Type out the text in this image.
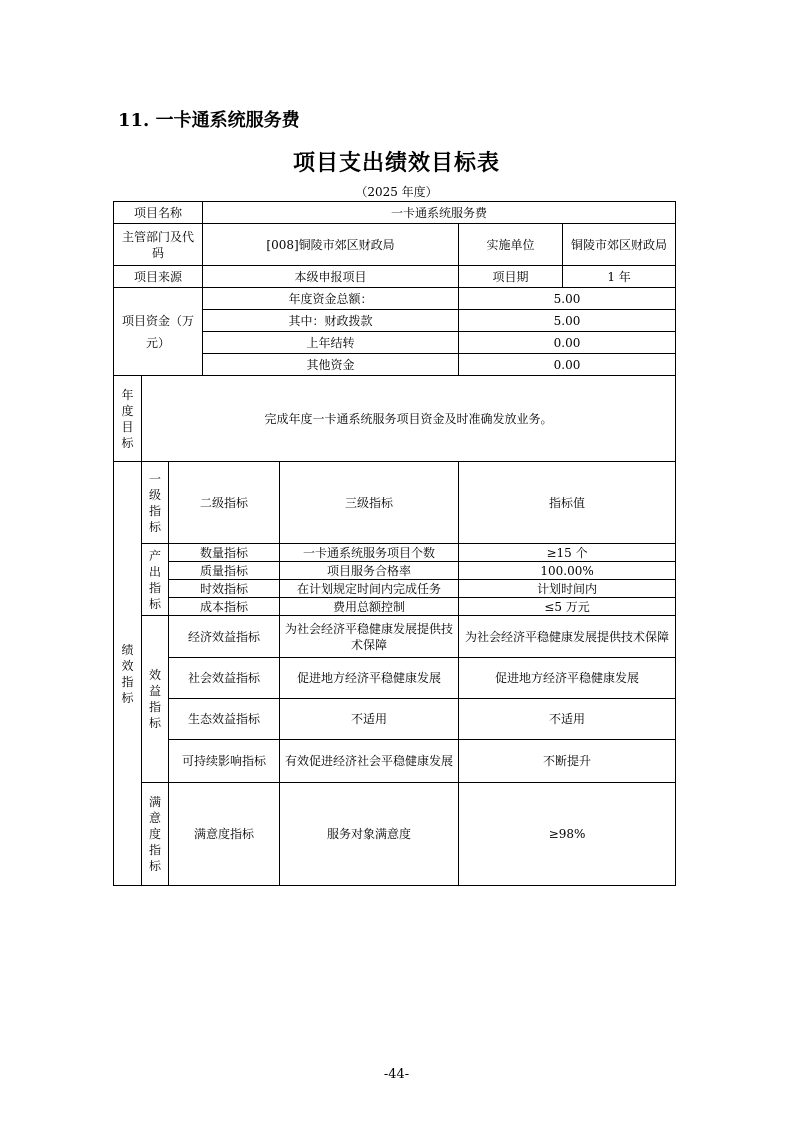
11. 一卡通系统服务费
项目支出绩效目标表
（2025 年度）
项目名称			一卡通系统服务费			
主管部门及代码			[008]铜陵市郊区财政局		实施单位	铜陵市郊区财政局
项目来源			本级申报项目		项目期	1 年
项目资金（万元）			年度资金总额：		5.00	
			其中：财政拨款		5.00	
			上年结转		0.00	
			其他资金		0.00	
年度目标	完成年度一卡通系统服务项目资金及时准确发放业务。					
绩效指标	一级指标	二级指标		三级指标	指标值	
	产出指标	数量指标		一卡通系统服务项目个数	≥15 个	
		质量指标		项目服务合格率	100.00%	
		时效指标		在计划规定时间内完成任务	计划时间内	
		成本指标		费用总额控制	≤5 万元	
	效益指标	经济效益指标		为社会经济平稳健康发展提供技术保障	为社会经济平稳健康发展提供技术保障	
		社会效益指标		促进地方经济平稳健康发展	促进地方经济平稳健康发展	
		生态效益指标		不适用	不适用	
		可持续影响指标		有效促进经济社会平稳健康发展	不断提升	
	满意度指标	满意度指标		服务对象满意度	≥98%	
-44-
